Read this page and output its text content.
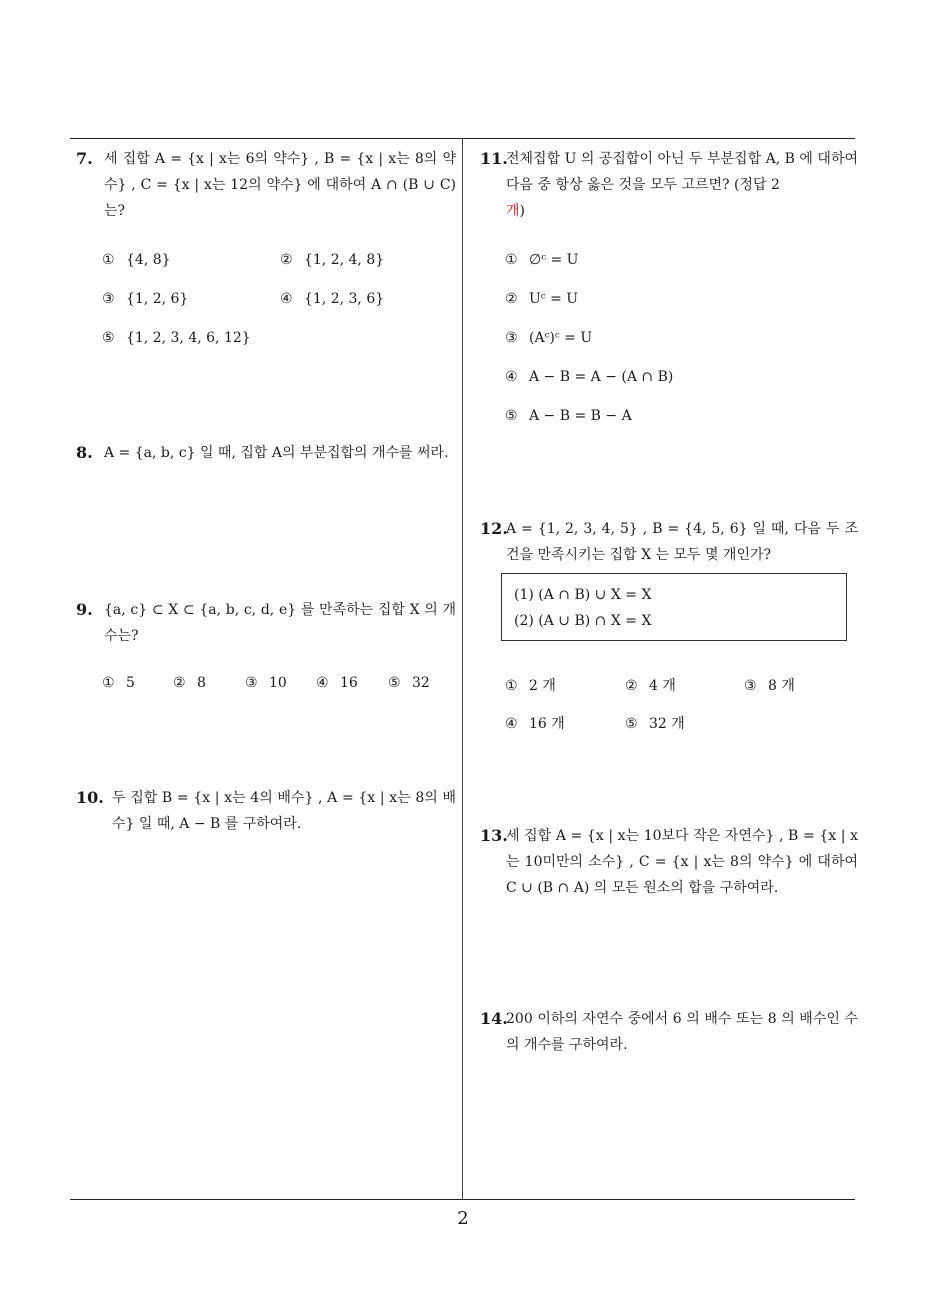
7. 세 집합 A = {x | x는 6의 약수} , B = {x | x는 8의 약수} , C = {x | x는 12의 약수} 에 대하여 A ∩ (B ∪ C) 는?

① {4, 8}	② {1, 2, 4, 8}
③ {1, 2, 6}	④ {1, 2, 3, 6}
⑤ {1, 2, 3, 4, 6, 12}
8. A = {a, b, c} 일 때, 집합 A의 부분집합의 개수를 써라.

9. {a, c} ⊂ X ⊂ {a, b, c, d, e} 를 만족하는 집합 X 의 개수는?

① 5	② 8	③ 10 ④ 16 ⑤ 32
10. 두 집합 B = {x | x는 4의 배수} , A = {x | x는 8의 배수} 일 때, A − B 를 구하여라.

11.

전체집합 U 의 공집합이 아닌 두 부분집합 A, B 에 대하여 다음 중 항상 옳은 것을 모두 고르면? (정답 2
개)

① ∅ᶜ = U
② Uᶜ = U
③ (Aᶜ)ᶜ = U
④ A − B = A − (A ∩ B)
⑤ A − B = B − A
12.

A = {1, 2, 3, 4, 5} , B = {4, 5, 6} 일 때, 다음 두 조건을 만족시키는 집합 X 는 모두 몇 개인가?

(1) (A ∩ B) ∪ X = X
(2) (A ∪ B) ∩ X = X
① 2 개	② 4 개	③ 8 개
④ 16 개	⑤ 32 개
13.

세 집합 A = {x | x는 10보다 작은 자연수} , B = {x | x는 10미만의 소수} , C = {x | x는 8의 약수} 에 대하여 C ∪ (B ∩ A) 의 모든 원소의 합을 구하여라.

14.

200 이하의 자연수 중에서 6 의 배수 또는 8 의 배수인 수의 개수를 구하여라.

2
